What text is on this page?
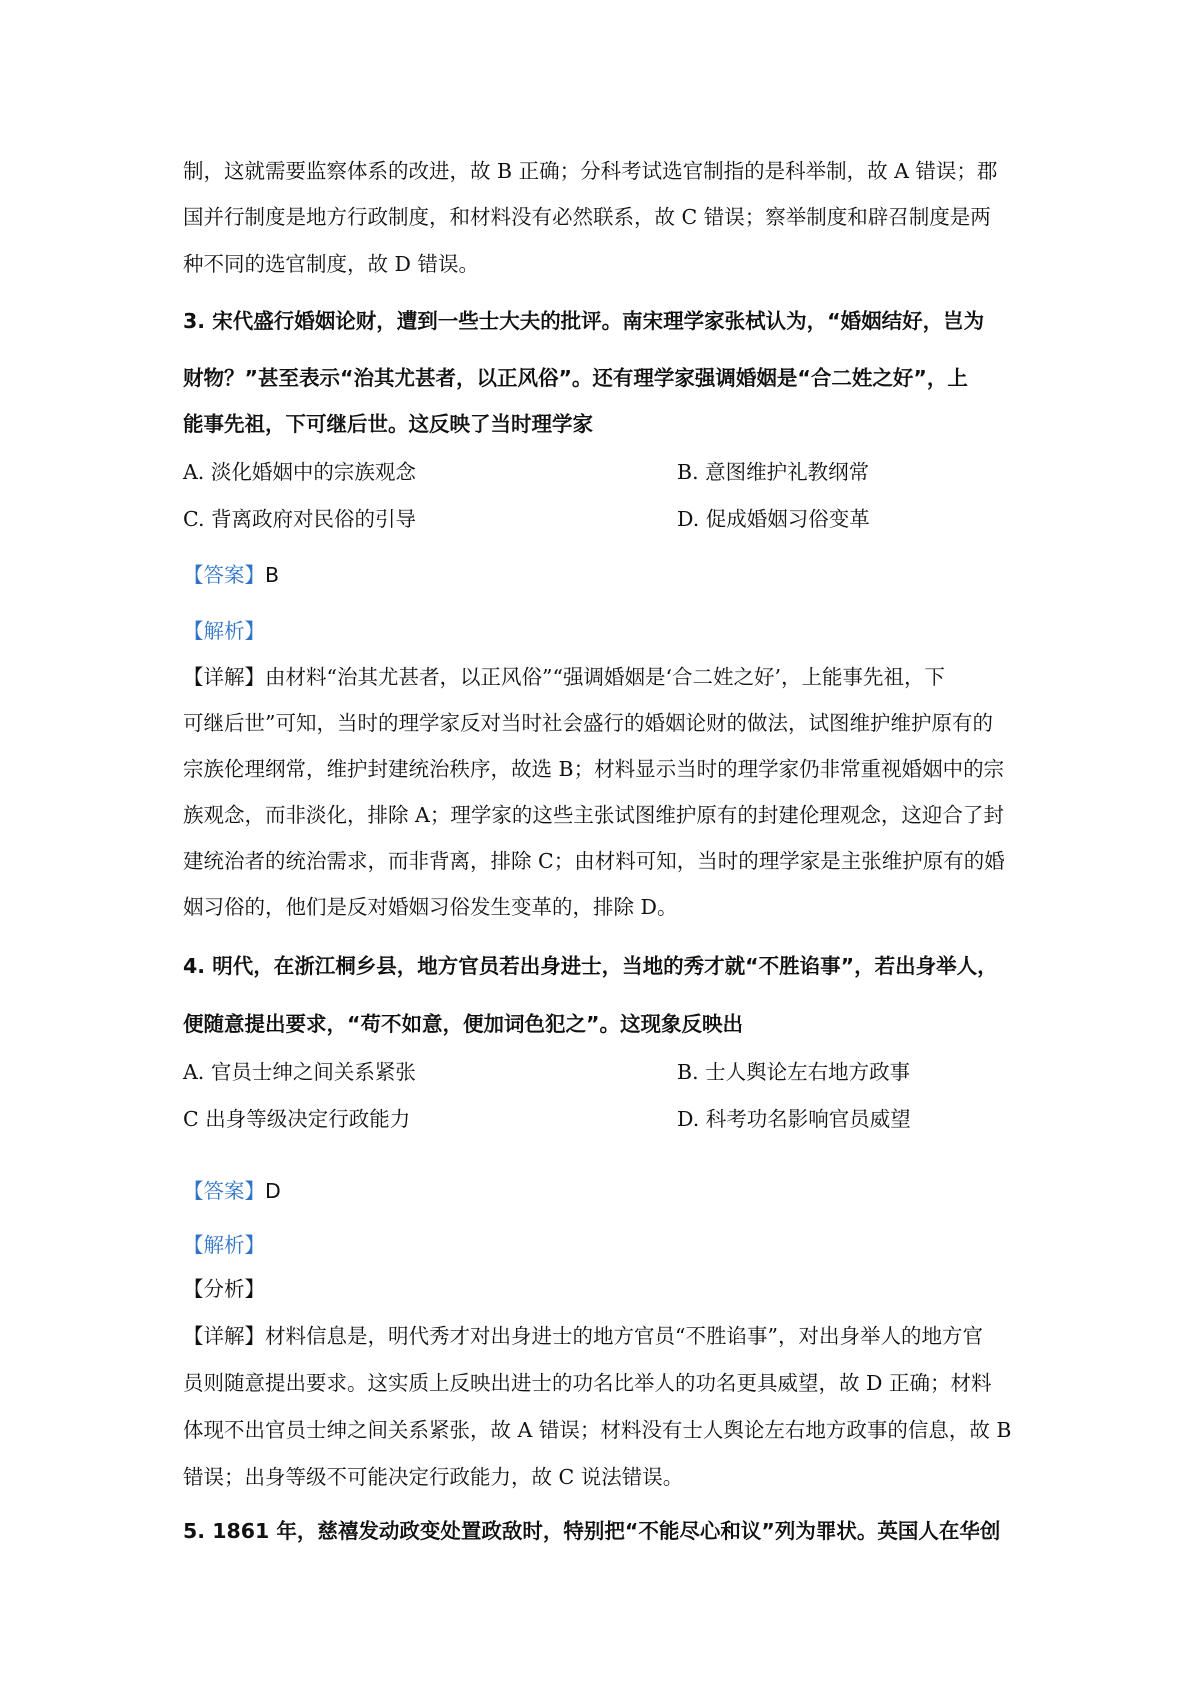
制，这就需要监察体系的改进，故 B 正确；分科考试选官制指的是科举制，故 A 错误；郡
国并行制度是地方行政制度，和材料没有必然联系，故 C 错误；察举制度和辟召制度是两
种不同的选官制度，故 D 错误。
3. 宋代盛行婚姻论财，遭到一些士大夫的批评。南宋理学家张栻认为，“婚姻结好，岂为
财物？”甚至表示“治其尤甚者，以正风俗”。还有理学家强调婚姻是“合二姓之好”，上
能事先祖，下可继后世。这反映了当时理学家
A. 淡化婚姻中的宗族观念	B. 意图维护礼教纲常
C. 背离政府对民俗的引导	D. 促成婚姻习俗变革
【答案】B
【解析】
【详解】由材料“治其尤甚者，以正风俗”“强调婚姻是‘合二姓之好’，上能事先祖，下
可继后世”可知，当时的理学家反对当时社会盛行的婚姻论财的做法，试图维护维护原有的
宗族伦理纲常，维护封建统治秩序，故选 B；材料显示当时的理学家仍非常重视婚姻中的宗
族观念，而非淡化，排除 A；理学家的这些主张试图维护原有的封建伦理观念，这迎合了封
建统治者的统治需求，而非背离，排除 C；由材料可知，当时的理学家是主张维护原有的婚
姻习俗的，他们是反对婚姻习俗发生变革的，排除 D。
4. 明代，在浙江桐乡县，地方官员若出身进士，当地的秀才就“不胜谄事”，若出身举人，
便随意提出要求，“苟不如意，便加词色犯之”。这现象反映出
A. 官员士绅之间关系紧张	B. 士人舆论左右地方政事
C 出身等级决定行政能力	D. 科考功名影响官员威望
【答案】D
【解析】
【分析】
【详解】材料信息是，明代秀才对出身进士的地方官员“不胜谄事”，对出身举人的地方官
员则随意提出要求。这实质上反映出进士的功名比举人的功名更具威望，故 D 正确；材料
体现不出官员士绅之间关系紧张，故 A 错误；材料没有士人舆论左右地方政事的信息，故 B
错误；出身等级不可能决定行政能力，故 C 说法错误。
5. 1861 年，慈禧发动政变处置政敌时，特别把“不能尽心和议”列为罪状。英国人在华创
